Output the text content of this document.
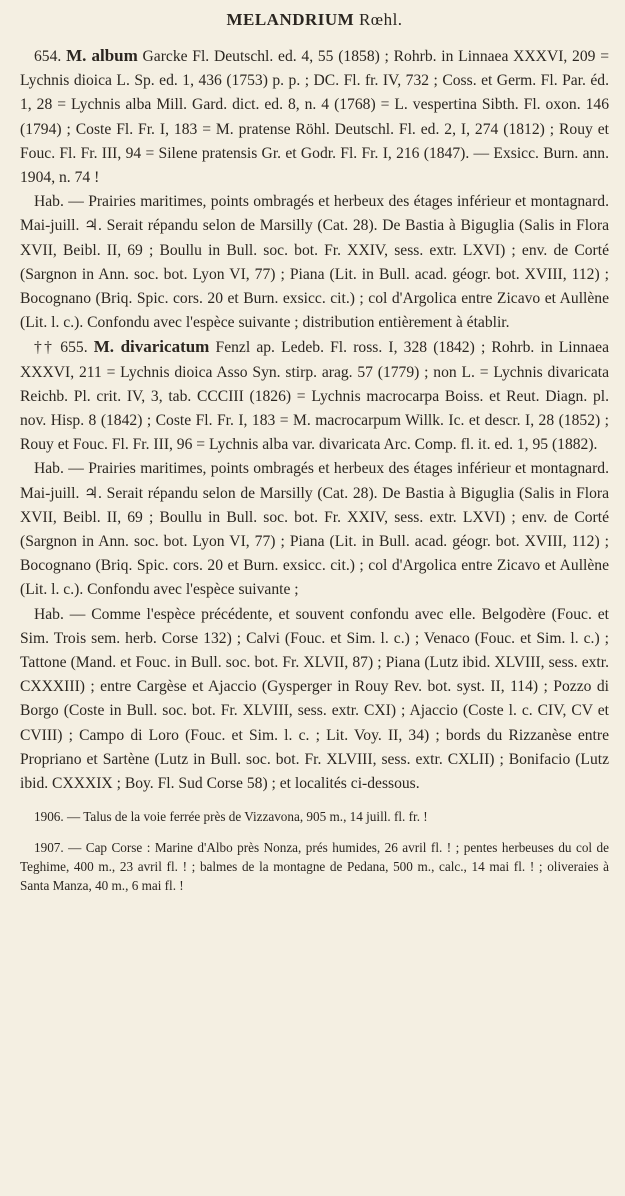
MELANDRIUM Rœhl.

654. M. album Garcke Fl. Deutschl. ed. 4, 55 (1858) ; Rohrb. in Linnaea XXXVI, 209 = Lychnis dioica L. Sp. ed. 1, 436 (1753) p. p. ; DC. Fl. fr. IV, 732 ; Coss. et Germ. Fl. Par. éd. 1, 28 = Lychnis alba Mill. Gard. dict. ed. 8, n. 4 (1768) = L. vespertina Sibth. Fl. oxon. 146 (1794) ; Coste Fl. Fr. I, 183 = M. pratense Röhl. Deutschl. Fl. ed. 2, I, 274 (1812) ; Rouy et Fouc. Fl. Fr. III, 94 = Silene pratensis Gr. et Godr. Fl. Fr. I, 216 (1847). — Exsicc. Burn. ann. 1904, n. 74 !

Hab. — Prairies maritimes, points ombragés et herbeux des étages inférieur et montagnard. Mai-juill. ♃. Serait répandu selon de Marsilly (Cat. 28). De Bastia à Biguglia (Salis in Flora XVII, Beibl. II, 69 ; Boullu in Bull. soc. bot. Fr. XXIV, sess. extr. LXVI) ; env. de Corté (Sargnon in Ann. soc. bot. Lyon VI, 77) ; Piana (Lit. in Bull. acad. géogr. bot. XVIII, 112) ; Bocognano (Briq. Spic. cors. 20 et Burn. exsicc. cit.) ; col d'Argolica entre Zicavo et Aullène (Lit. l. c.). Confondu avec l'espèce suivante ; distribution entièrement à établir.

†† 655. M. divaricatum Fenzl ap. Ledeb. Fl. ross. I, 328 (1842) ; Rohrb. in Linnaea XXXVI, 211 = Lychnis dioica Asso Syn. stirp. arag. 57 (1779) ; non L. = Lychnis divaricata Reichb. Pl. crit. IV, 3, tab. CCCIII (1826) = Lychnis macrocarpa Boiss. et Reut. Diagn. pl. nov. Hisp. 8 (1842) ; Coste Fl. Fr. I, 183 = M. macrocarpum Willk. Ic. et descr. I, 28 (1852) ; Rouy et Fouc. Fl. Fr. III, 96 = Lychnis alba var. divaricata Arc. Comp. fl. it. ed. 1, 95 (1882).

Hab. — Prairies maritimes, points ombragés et herbeux des étages inférieur et montagnard. Mai-juill. ♃. Serait répandu selon de Marsilly (Cat. 28). De Bastia à Biguglia (Salis in Flora XVII, Beibl. II, 69 ; Boullu in Bull. soc. bot. Fr. XXIV, sess. extr. LXVI) ; env. de Corté (Sargnon in Ann. soc. bot. Lyon VI, 77) ; Piana (Lit. in Bull. acad. géogr. bot. XVIII, 112) ; Bocognano (Briq. Spic. cors. 20 et Burn. exsicc. cit.) ; col d'Argolica entre Zicavo et Aullène (Lit. l. c.). Confondu avec l'espèce suivante ;

Hab. — Comme l'espèce précédente, et souvent confondu avec elle. Belgodère (Fouc. et Sim. Trois sem. herb. Corse 132) ; Calvi (Fouc. et Sim. l. c.) ; Venaco (Fouc. et Sim. l. c.) ; Tattone (Mand. et Fouc. in Bull. soc. bot. Fr. XLVII, 87) ; Piana (Lutz ibid. XLVIII, sess. extr. CXXXIII) ; entre Cargèse et Ajaccio (Gysperger in Rouy Rev. bot. syst. II, 114) ; Pozzo di Borgo (Coste in Bull. soc. bot. Fr. XLVIII, sess. extr. CXI) ; Ajaccio (Coste l. c. CIV, CV et CVIII) ; Campo di Loro (Fouc. et Sim. l. c. ; Lit. Voy. II, 34) ; bords du Rizzanèse entre Propriano et Sartène (Lutz in Bull. soc. bot. Fr. XLVIII, sess. extr. CXLII) ; Bonifacio (Lutz ibid. CXXXIX ; Boy. Fl. Sud Corse 58) ; et localités ci-dessous.

1906. — Talus de la voie ferrée près de Vizzavona, 905 m., 14 juill. fl. fr. !

1907. — Cap Corse : Marine d'Albo près Nonza, prés humides, 26 avril fl. ! ; pentes herbeuses du col de Teghime, 400 m., 23 avril fl. ! ; balmes de la montagne de Pedana, 500 m., calc., 14 mai fl. ! ; oliveraies à Santa Manza, 40 m., 6 mai fl. !
